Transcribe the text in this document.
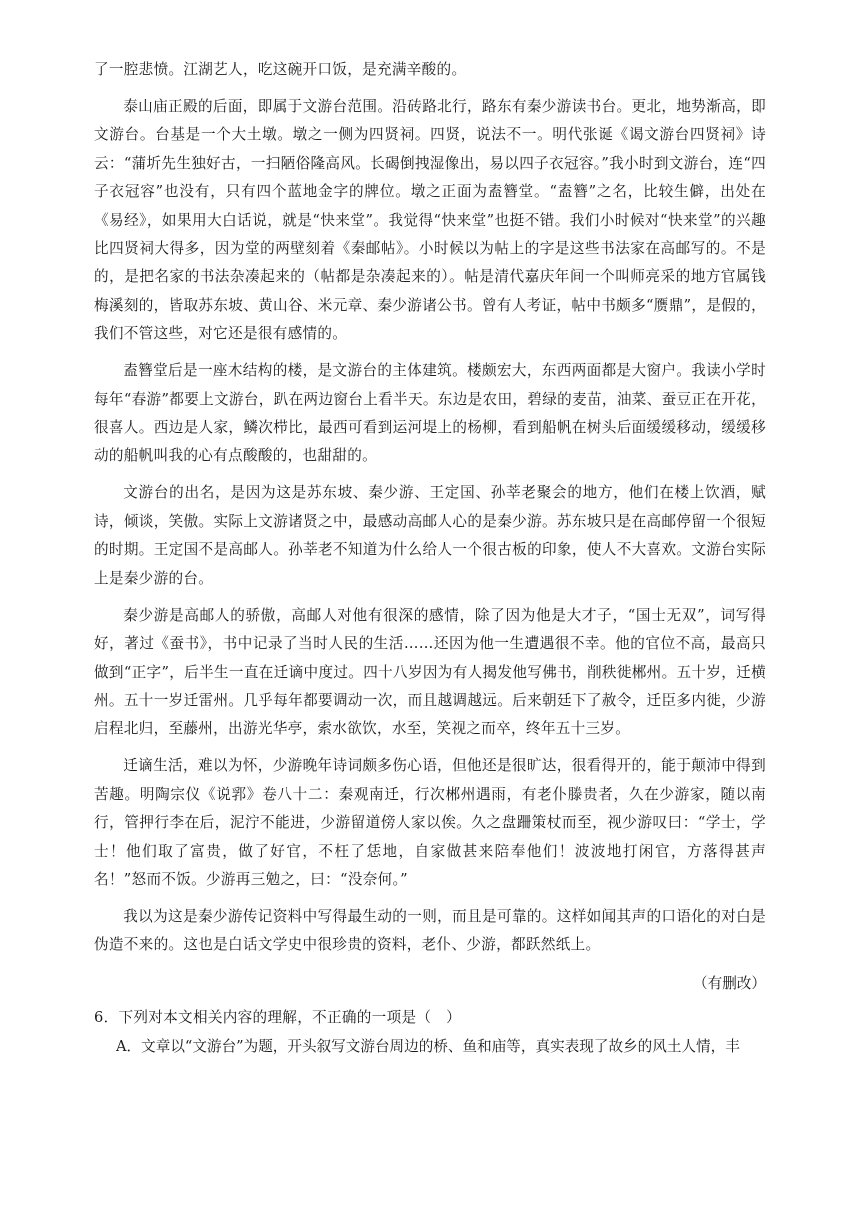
了一腔悲愤。江湖艺人，吃这碗开口饭，是充满辛酸的。

泰山庙正殿的后面，即属于文游台范围。沿砖路北行，路东有秦少游读书台。更北，地势渐高，即文游台。台基是一个大土墩。墩之一侧为四贤祠。四贤，说法不一。明代张诞《谒文游台四贤祠》诗云：“蒲圻先生独好古，一扫陋俗隆高风。长碣倒拽湿像出，易以四子衣冠容。”我小时到文游台，连“四子衣冠容”也没有，只有四个蓝地金字的牌位。墩之正面为盍簪堂。“盍簪”之名，比较生僻，出处在《易经》，如果用大白话说，就是“快来堂”。我觉得“快来堂”也挺不错。我们小时候对“快来堂”的兴趣比四贤祠大得多，因为堂的两壁刻着《秦邮帖》。小时候以为帖上的字是这些书法家在高邮写的。不是的，是把名家的书法杂凑起来的（帖都是杂凑起来的）。帖是清代嘉庆年间一个叫师亮采的地方官属钱梅溪刻的，皆取苏东坡、黄山谷、米元章、秦少游诸公书。曾有人考证，帖中书颇多“赝鼎”，是假的，我们不管这些，对它还是很有感情的。

盍簪堂后是一座木结构的楼，是文游台的主体建筑。楼颇宏大，东西两面都是大窗户。我读小学时每年“春游”都要上文游台，趴在两边窗台上看半天。东边是农田，碧绿的麦苗，油菜、蚕豆正在开花，很喜人。西边是人家，鳞次栉比，最西可看到运河堤上的杨柳，看到船帆在树头后面缓缓移动，缓缓移动的船帆叫我的心有点酸酸的，也甜甜的。

文游台的出名，是因为这是苏东坡、秦少游、王定国、孙莘老聚会的地方，他们在楼上饮酒，赋诗，倾谈，笑傲。实际上文游诸贤之中，最感动高邮人心的是秦少游。苏东坡只是在高邮停留一个很短的时期。王定国不是高邮人。孙莘老不知道为什么给人一个很古板的印象，使人不大喜欢。文游台实际上是秦少游的台。

秦少游是高邮人的骄傲，高邮人对他有很深的感情，除了因为他是大才子，“国士无双”，词写得好，著过《蚕书》，书中记录了当时人民的生活……还因为他一生遭遇很不幸。他的官位不高，最高只做到“正字”，后半生一直在迁谪中度过。四十八岁因为有人揭发他写佛书，削秩徙郴州。五十岁，迁横州。五十一岁迁雷州。几乎每年都要调动一次，而且越调越远。后来朝廷下了赦令，迁臣多内徙，少游启程北归，至藤州，出游光华亭，索水欲饮，水至，笑视之而卒，终年五十三岁。

迁谪生活，难以为怀，少游晚年诗词颇多伤心语，但他还是很旷达，很看得开的，能于颠沛中得到苦趣。明陶宗仪《说郛》卷八十二：秦观南迁，行次郴州遇雨，有老仆滕贵者，久在少游家，随以南行，管押行李在后，泥泞不能进，少游留道傍人家以俟。久之盘跚策杖而至，视少游叹曰：“学士，学士！他们取了富贵，做了好官，不枉了恁地，自家做甚来陪奉他们！波波地打闲官，方落得甚声名！”怒而不饭。少游再三勉之，曰：“没奈何。”

我以为这是秦少游传记资料中写得最生动的一则，而且是可靠的。这样如闻其声的口语化的对白是伪造不来的。这也是白话文学史中很珍贵的资料，老仆、少游，都跃然纸上。

（有删改）

6．下列对本文相关内容的理解，不正确的一项是（　）

A．文章以“文游台”为题，开头叙写文游台周边的桥、鱼和庙等，真实表现了故乡的风土人情，丰
